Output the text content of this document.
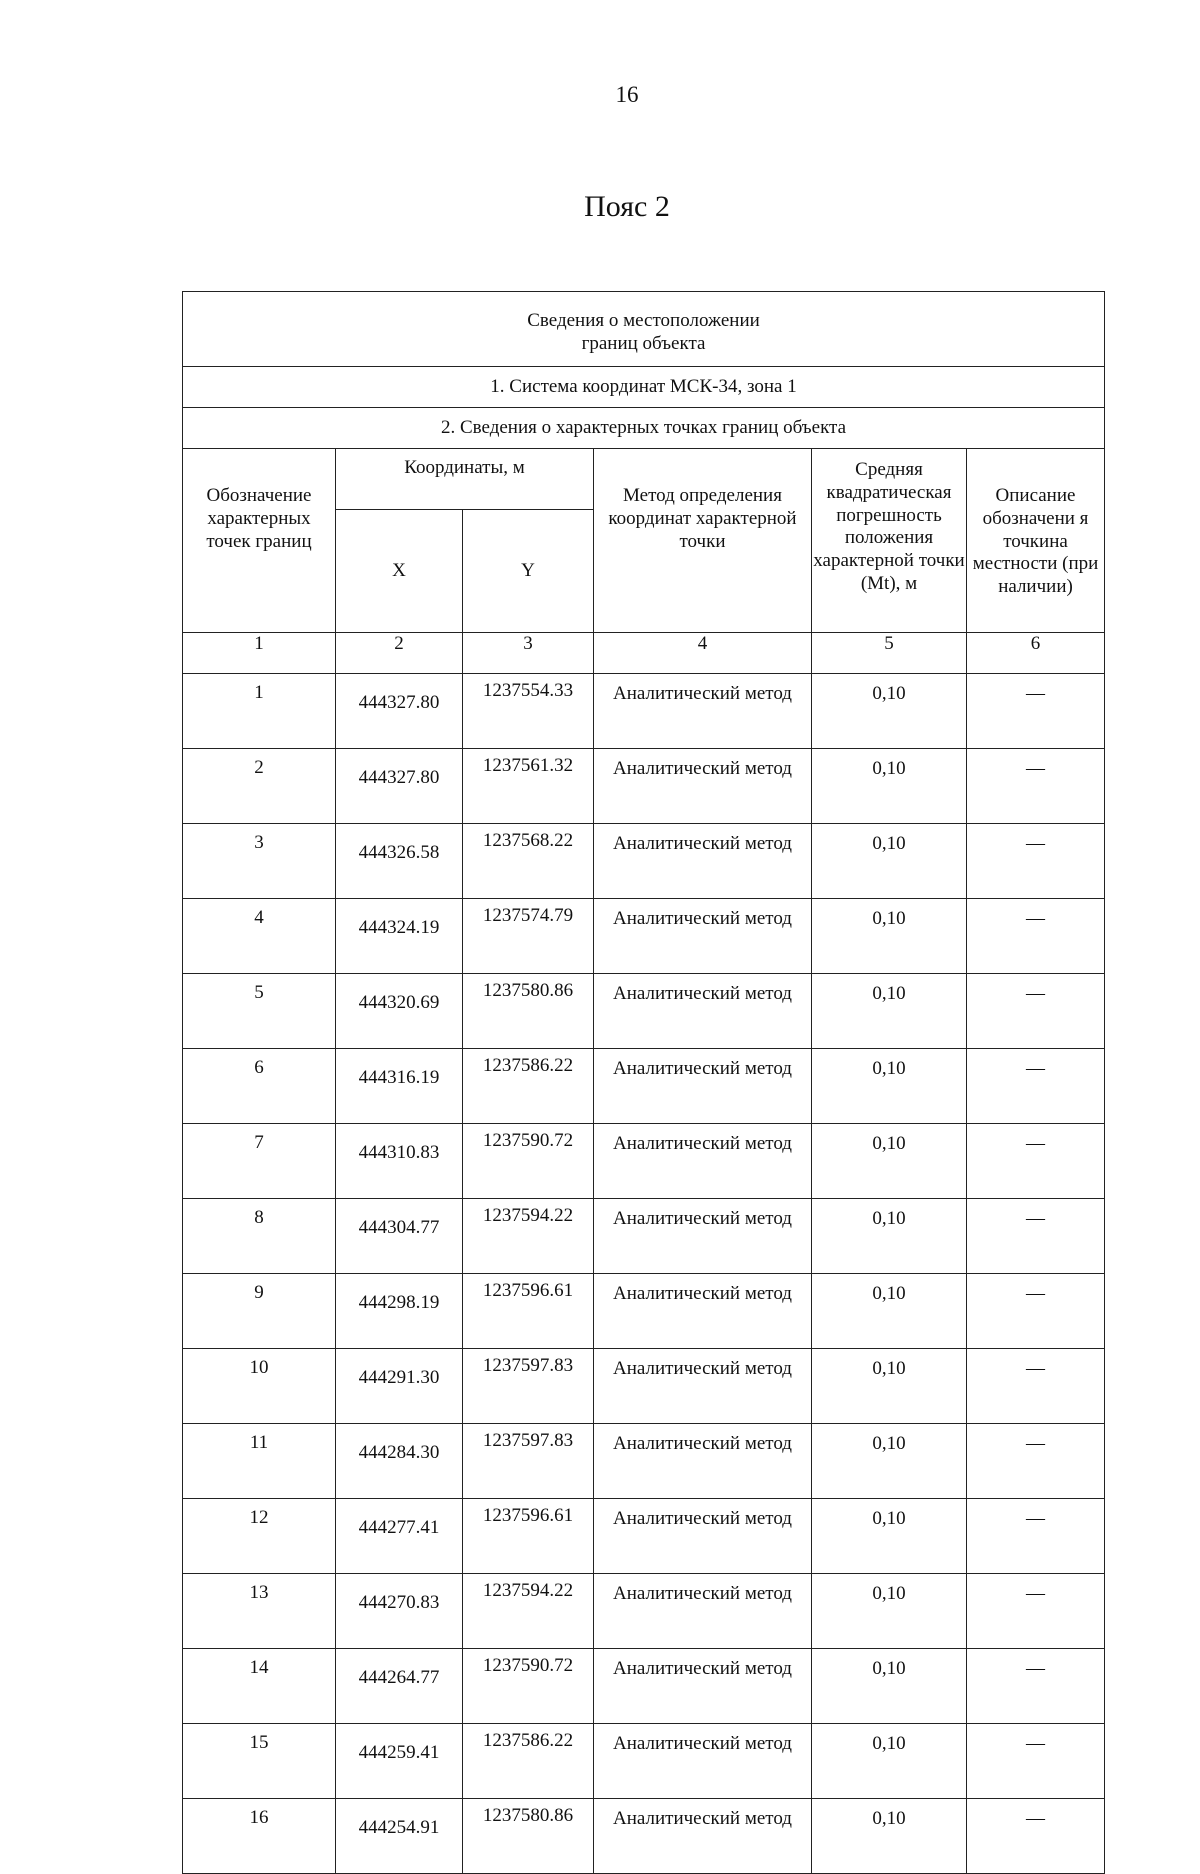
16
Пояс 2
Сведения о местоположении
границ объекта					
1. Система координат МСК-34, зона 1					
2. Сведения о характерных точках границ объекта					
Обозначение характерных точек границ	Координаты, м		Метод определения координат характерной точки	Средняя квадратическая погрешность положения характерной точки (Mt), м	Описание обозначени я точкина местности (при наличии)
	X	Y			
1	2	3	4	5	6
1	444327.80	1237554.33	Аналитический метод	0,10	—
2	444327.80	1237561.32	Аналитический метод	0,10	—
3	444326.58	1237568.22	Аналитический метод	0,10	—
4	444324.19	1237574.79	Аналитический метод	0,10	—
5	444320.69	1237580.86	Аналитический метод	0,10	—
6	444316.19	1237586.22	Аналитический метод	0,10	—
7	444310.83	1237590.72	Аналитический метод	0,10	—
8	444304.77	1237594.22	Аналитический метод	0,10	—
9	444298.19	1237596.61	Аналитический метод	0,10	—
10	444291.30	1237597.83	Аналитический метод	0,10	—
11	444284.30	1237597.83	Аналитический метод	0,10	—
12	444277.41	1237596.61	Аналитический метод	0,10	—
13	444270.83	1237594.22	Аналитический метод	0,10	—
14	444264.77	1237590.72	Аналитический метод	0,10	—
15	444259.41	1237586.22	Аналитический метод	0,10	—
16	444254.91	1237580.86	Аналитический метод	0,10	—
